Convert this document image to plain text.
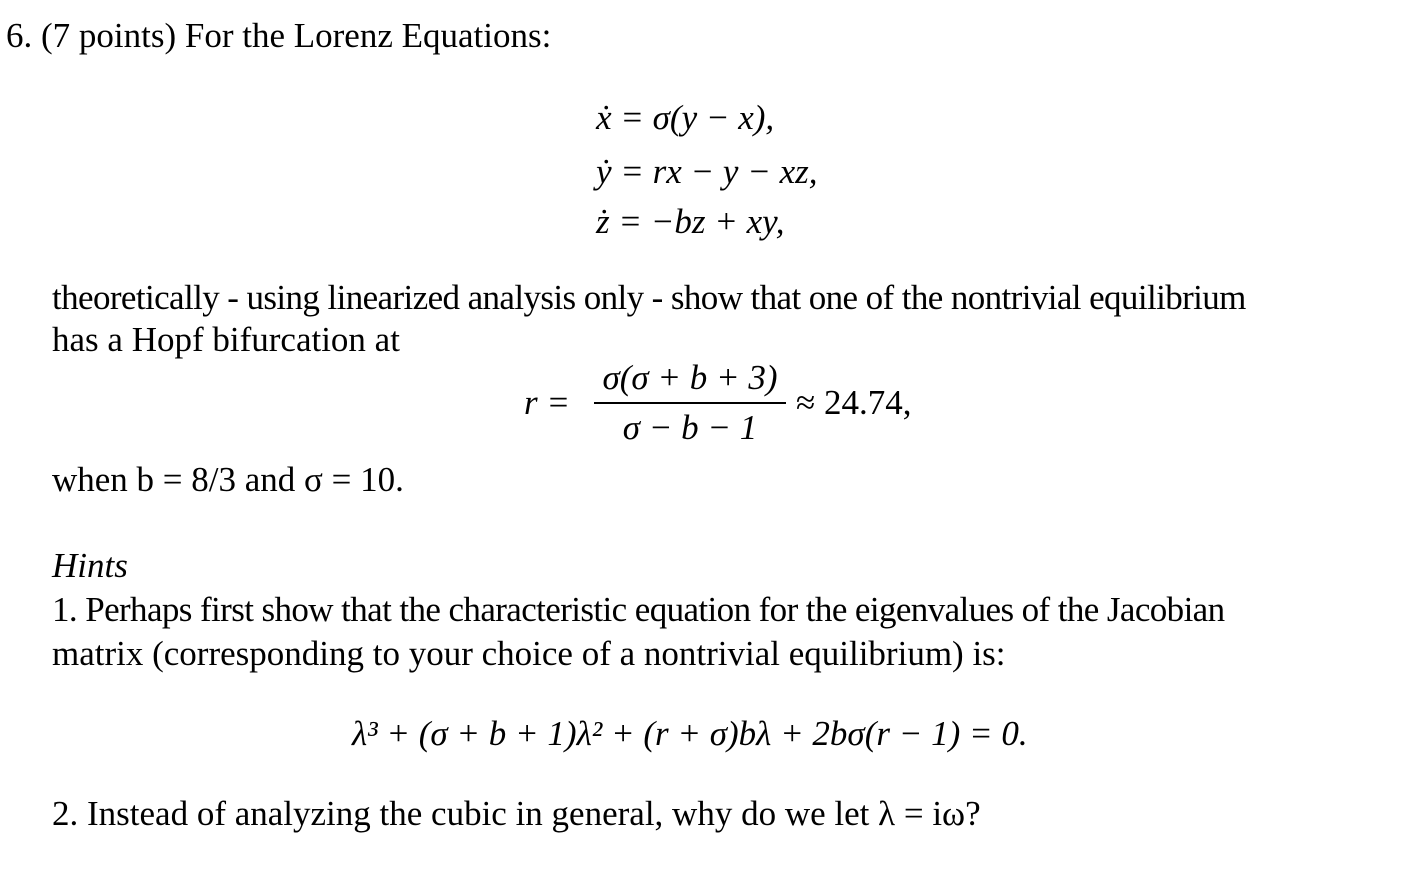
6. (7 points) For the Lorenz Equations:
ẋ = σ(y − x),
ẏ = rx − y − xz,
ż = −bz + xy,
theoretically - using linearized analysis only - show that one of the nontrivial equilibrium
has a Hopf bifurcation at
r =
σ(σ + b + 3)
σ − b − 1
≈ 24.74,
when b = 8/3 and σ = 10.
Hints
1. Perhaps first show that the characteristic equation for the eigenvalues of the Jacobian
matrix (corresponding to your choice of a nontrivial equilibrium) is:
λ³ + (σ + b + 1)λ² + (r + σ)bλ + 2bσ(r − 1) = 0.
2. Instead of analyzing the cubic in general, why do we let λ = iω?
